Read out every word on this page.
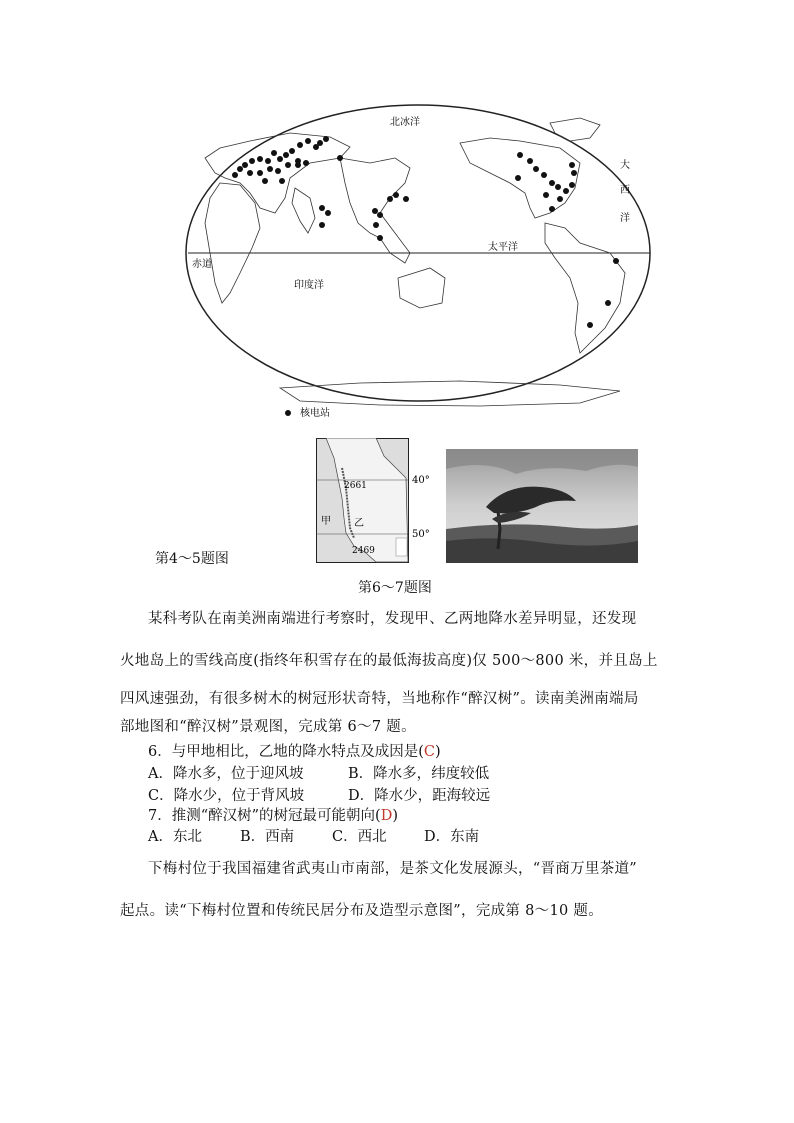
北冰洋
大
西
洋
太平洋
印度洋
赤道
核电站
2661
2469
甲 乙
40°
50°
第4～5题图
第6～7题图
某科考队在南美洲南端进行考察时，发现甲、乙两地降水差异明显，还发现
火地岛上的雪线高度(指终年积雪存在的最低海拔高度)仅 500～800 米，并且岛上
四风速强劲，有很多树木的树冠形状奇特，当地称作“醉汉树”。读南美洲南端局
部地图和“醉汉树”景观图，完成第 6～7 题。
6．与甲地相比，乙地的降水特点及成因是(C)
A．降水多，位于迎风坡	B．降水多，纬度较低
C．降水少，位于背风坡	D．降水少，距海较远
7．推测“醉汉树”的树冠最可能朝向(D)
A．东北	B．西南	C．西北	D．东南
下梅村位于我国福建省武夷山市南部，是茶文化发展源头，“晋商万里茶道”
起点。读“下梅村位置和传统民居分布及造型示意图”，完成第 8～10 题。
